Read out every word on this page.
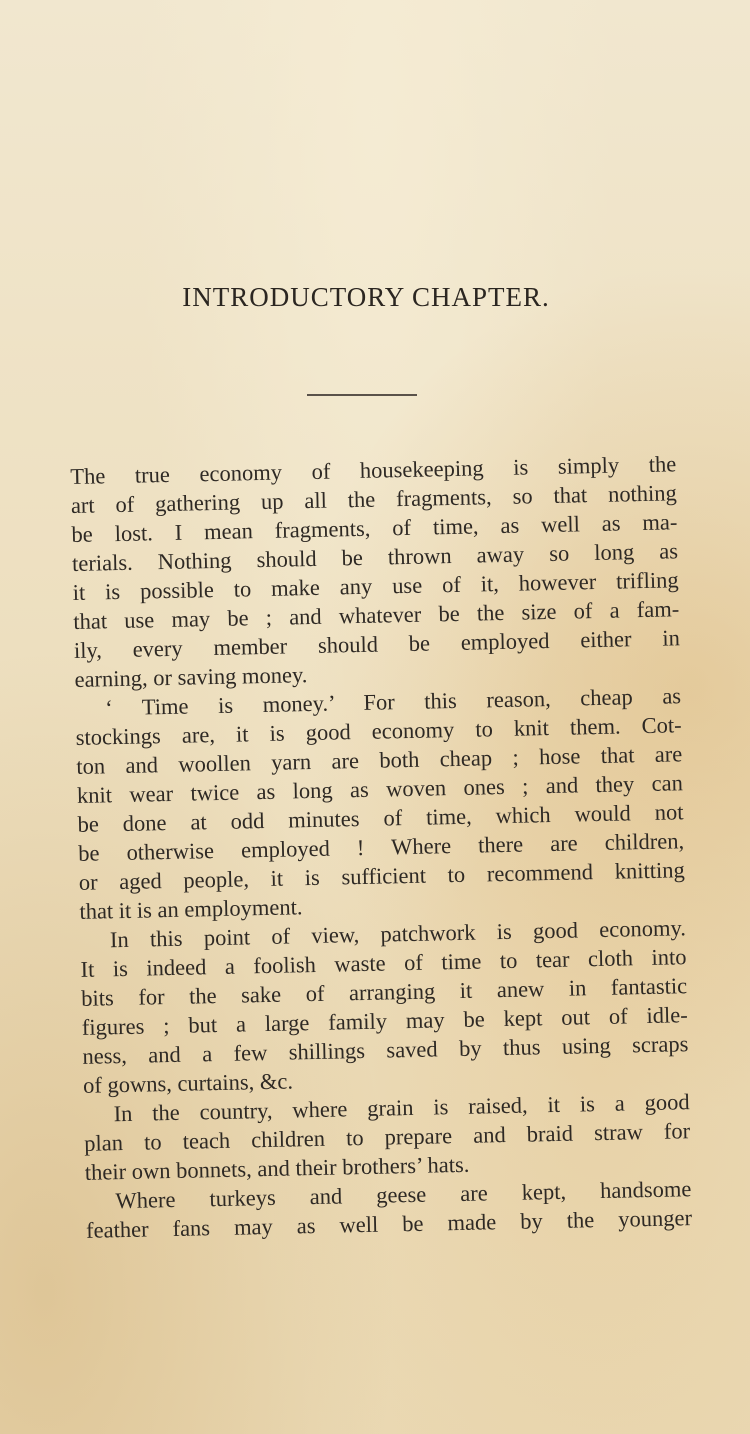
INTRODUCTORY CHAPTER.
The true economy of housekeeping is simply the
art of gathering up all the fragments, so that nothing
be lost. I mean fragments, of time, as well as ma-
terials. Nothing should be thrown away so long as
it is possible to make any use of it, however trifling
that use may be ; and whatever be the size of a fam-
ily, every member should be employed either in
earning, or saving money.
‘ Time is money.’ For this reason, cheap as
stockings are, it is good economy to knit them. Cot-
ton and woollen yarn are both cheap ; hose that are
knit wear twice as long as woven ones ; and they can
be done at odd minutes of time, which would not
be otherwise employed ! Where there are children,
or aged people, it is sufficient to recommend knitting
that it is an employment.
In this point of view, patchwork is good economy.
It is indeed a foolish waste of time to tear cloth into
bits for the sake of arranging it anew in fantastic
figures ; but a large family may be kept out of idle-
ness, and a few shillings saved by thus using scraps
of gowns, curtains, &c.
In the country, where grain is raised, it is a good
plan to teach children to prepare and braid straw for
their own bonnets, and their brothers’ hats.
Where turkeys and geese are kept, handsome
feather fans may as well be made by the younger
